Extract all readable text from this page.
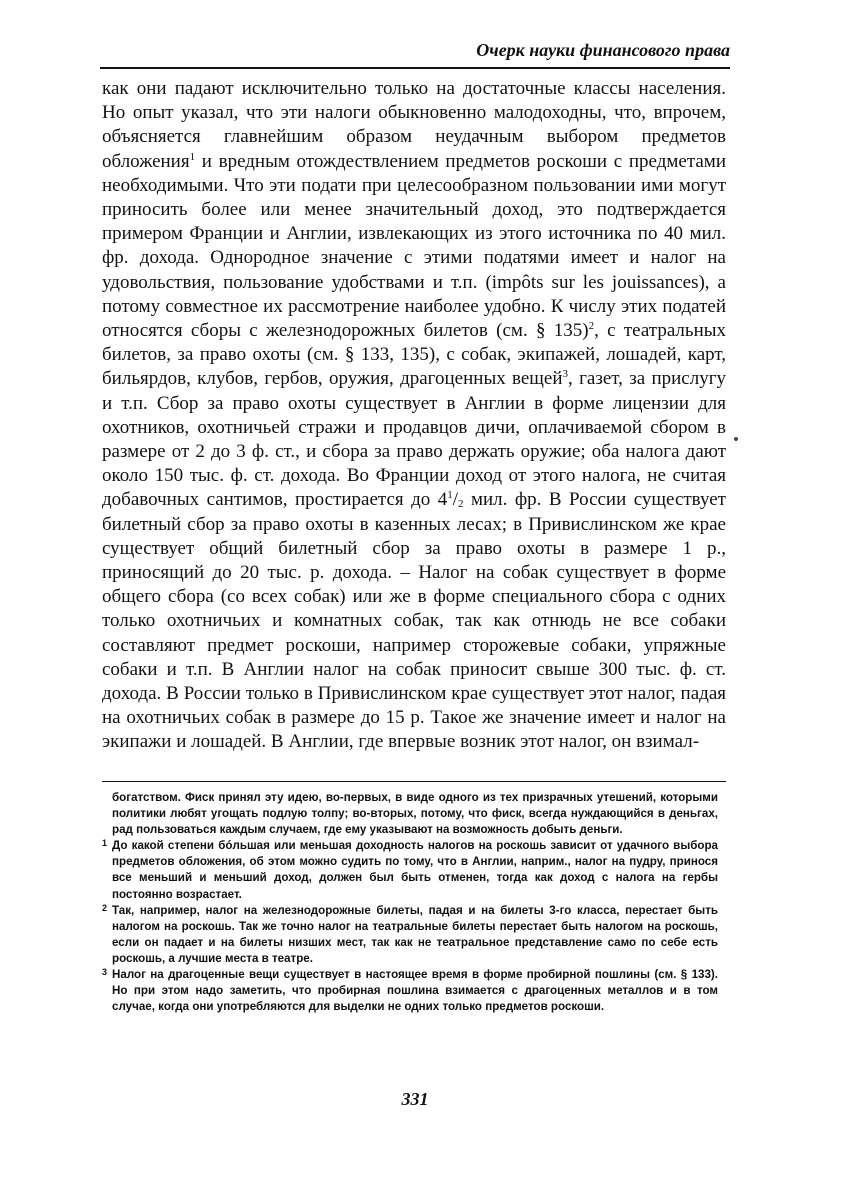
Очерк науки финансового права
как они падают исключительно только на достаточные классы населения. Но опыт указал, что эти налоги обыкновенно малодоходны, что, впрочем, объясняется главнейшим образом неудачным выбором предметов обложения$^1$ и вредным отождествлением предметов роскоши с предметами необходимыми. Что эти подати при целесообразном пользовании ими могут приносить более или менее значительный доход, это подтверждается примером Франции и Англии, извлекающих из этого источника по 40 мил. фр. дохода. Однородное значение с этими податями имеет и налог на удовольствия, пользование удобствами и т.п. (impôts sur les jouissances), а потому совместное их рассмотрение наиболее удобно. К числу этих податей относятся сборы с железнодорожных билетов (см. § 135)$^2$, с театральных билетов, за право охоты (см. § 133, 135), с собак, экипажей, лошадей, карт, бильярдов, клубов, гербов, оружия, драгоценных вещей$^3$, газет, за прислугу и т.п. Сбор за право охоты существует в Англии в форме лицензии для охотников, охотничьей стражи и продавцов дичи, оплачиваемой сбором в размере от 2 до 3 ф. ст., и сбора за право держать оружие; оба налога дают около 150 тыс. ф. ст. дохода. Во Франции доход от этого налога, не считая добавочных сантимов, простирается до $4^1/_2$ мил. фр. В России существует билетный сбор за право охоты в казенных лесах; в Привислинском же крае существует общий билетный сбор за право охоты в размере 1 р., приносящий до 20 тыс. р. дохода. – Налог на собак существует в форме общего сбора (со всех собак) или же в форме специального сбора с одних только охотничьих и комнатных собак, так как отнюдь не все собаки составляют предмет роскоши, например сторожевые собаки, упряжные собаки и т.п. В Англии налог на собак приносит свыше 300 тыс. ф. ст. дохода. В России только в Привислинском крае существует этот налог, падая на охотничьих собак в размере до 15 р. Такое же значение имеет и налог на экипажи и лошадей. В Англии, где впервые возник этот налог, он взимал-

богатством. Фиск принял эту идею, во-первых, в виде одного из тех призрачных утешений, которыми политики любят угощать подлую толпу; во-вторых, потому, что фиск, всегда нуждающийся в деньгах, рад пользоваться каждым случаем, где ему указывают на возможность добыть деньги.

1 До какой степени бóльшая или меньшая доходность налогов на роскошь зависит от удачного выбора предметов обложения, об этом можно судить по тому, что в Англии, наприм., налог на пудру, принося все меньший и меньший доход, должен был быть отменен, тогда как доход с налога на гербы постоянно возрастает.

2 Так, например, налог на железнодорожные билеты, падая и на билеты 3-го класса, перестает быть налогом на роскошь. Так же точно налог на театральные билеты перестает быть налогом на роскошь, если он падает и на билеты низших мест, так как не театральное представление само по себе есть роскошь, а лучшие места в театре.

3 Налог на драгоценные вещи существует в настоящее время в форме пробирной пошлины (см. § 133). Но при этом надо заметить, что пробирная пошлина взимается с драгоценных металлов и в том случае, когда они употребляются для выделки не одних только предметов роскоши.

331
